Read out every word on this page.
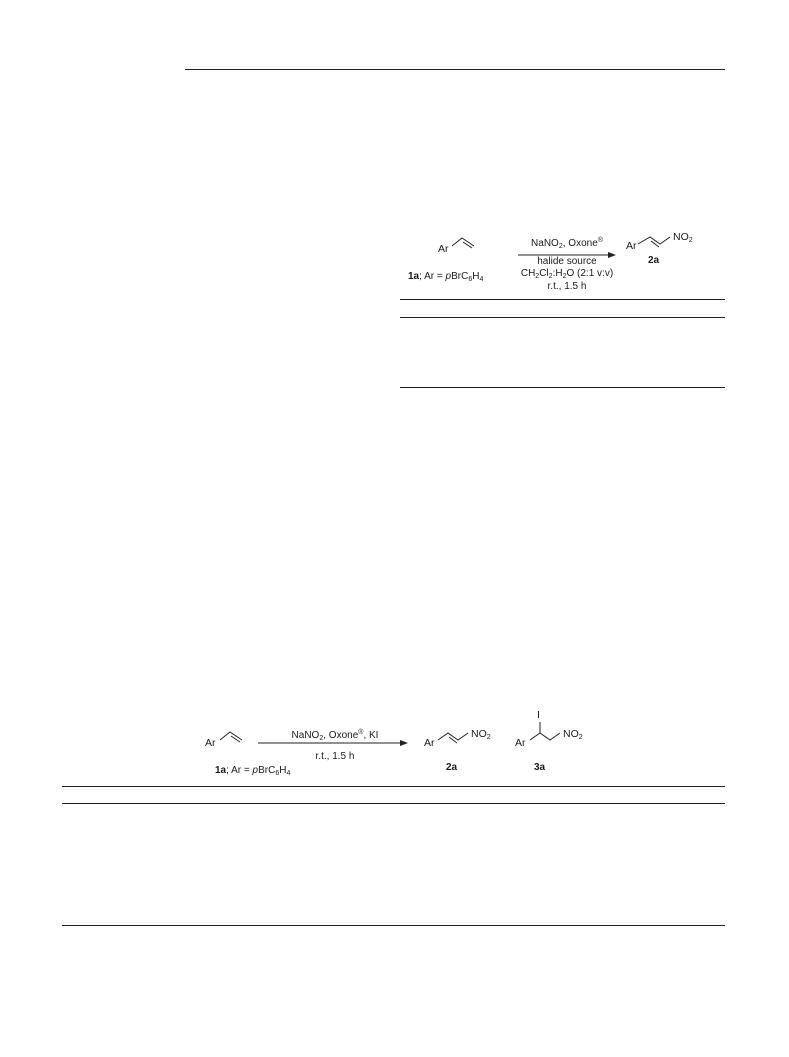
Ar
1a; $Ar = pBrC_6H_4$
NaNO$_2$, Oxone®
halide source
$CH_2Cl_2:H_2O$ (2:1 v:v)
r.t., 1.5 h
Ar
$NO_2$
2a
Ar
1a; $Ar = pBrC_6H_4$
NaNO$_2$, Oxone®, KI
r.t., 1.5 h
Ar
$NO_2$
2a
I
Ar
$NO_2$
3a
